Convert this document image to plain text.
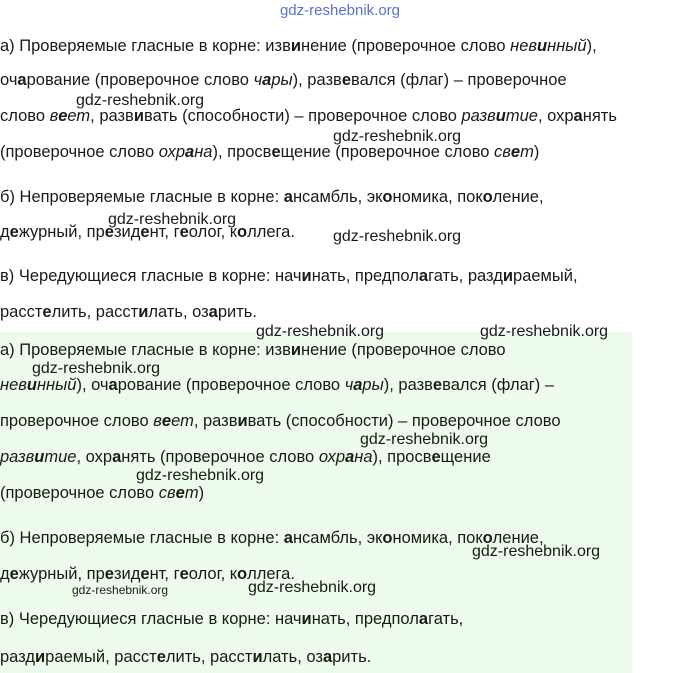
gdz-reshebnik.org
а) Проверяемые гласные в корне: извинение (проверочное слово невинный),
очарование (проверочное слово чары), развевался (флаг) – проверочное
слово веет, развивать (способности) – проверочное слово развитие, охранять
(проверочное слово охрана), просвещение (проверочное слово свет)
б) Непроверяемые гласные в корне: ансамбль, экономика, поколение,
дежурный, президент, геолог, коллега.
в) Чередующиеся гласные в корне: начинать, предполагать, раздираемый,
расстелить, расстилать, озарить.
а) Проверяемые гласные в корне: извинение (проверочное слово
невинный), очарование (проверочное слово чары), развевался (флаг) –
проверочное слово веет, развивать (способности) – проверочное слово
развитие, охранять (проверочное слово охрана), просвещение
(проверочное слово свет)
б) Непроверяемые гласные в корне: ансамбль, экономика, поколение,
дежурный, президент, геолог, коллега.
в) Чередующиеся гласные в корне: начинать, предполагать,
раздираемый, расстелить, расстилать, озарить.
gdz-reshebnik.org
gdz-reshebnik.org
gdz-reshebnik.org
gdz-reshebnik.org
gdz-reshebnik.org	gdz-reshebnik.org
gdz-reshebnik.org
gdz-reshebnik.org
gdz-reshebnik.org
gdz-reshebnik.org
gdz-reshebnik.org	gdz-reshebnik.org
